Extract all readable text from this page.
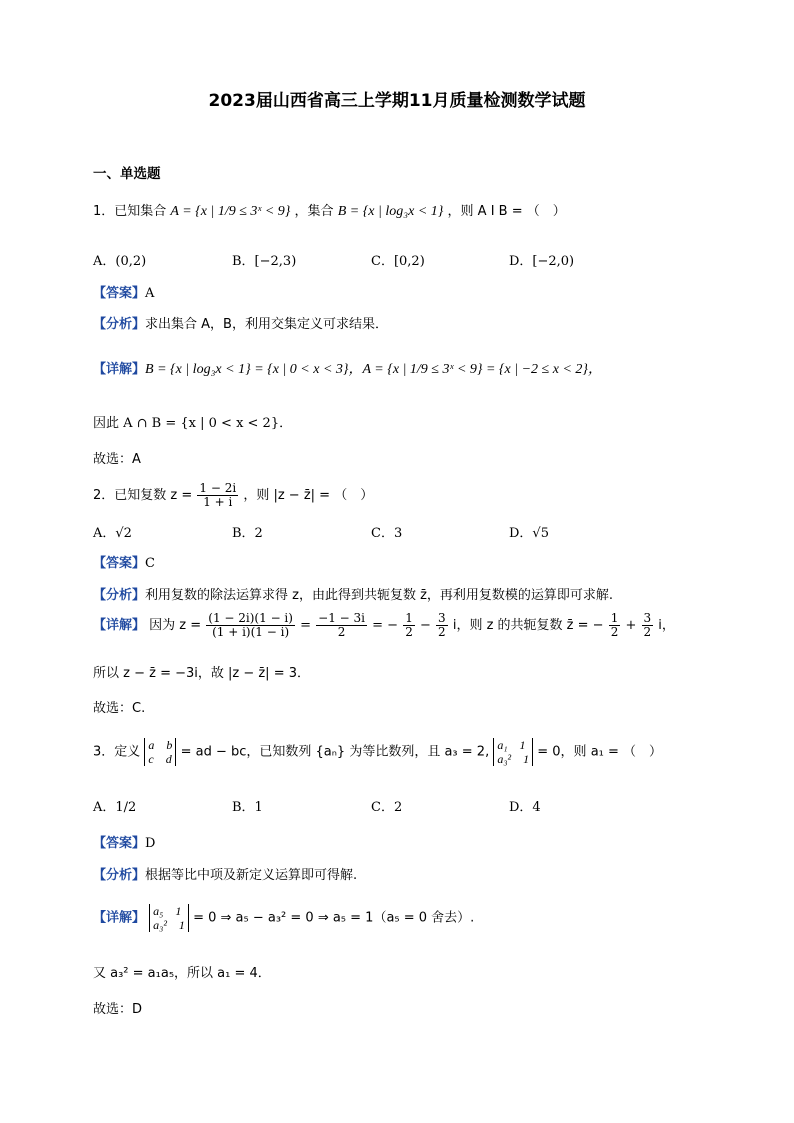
2023届山西省高三上学期11月质量检测数学试题
一、单选题
1．已知集合 A = {x | 1/9 ≤ 3ˣ < 9} ，集合 B = {x | log₃x < 1} ，则 A I B = （　）
A．(0,2)	B．[−2,3)	C．[0,2)	D．[−2,0)
【答案】A
【分析】求出集合 A，B，利用交集定义可求结果．
【详解】B = {x | log₃x < 1} = {x | 0 < x < 3}，A = {x | 1/9 ≤ 3ˣ < 9} = {x | −2 ≤ x < 2}，
因此 A ∩ B = {x | 0 < x < 2}．
故选：A
2．已知复数 $z = \frac{1 - 2i}{1 + i}$ ，则 |z − z̄| = （　）
A．√2	B．2	C．3	D．√5
【答案】C
【分析】利用复数的除法运算求得 z，由此得到共轭复数 z̄，再利用复数模的运算即可求解.
【详解】 因为 $z = \frac{(1 - 2i)(1 - i)}{(1 + i)(1 - i)} = \frac{-1 - 3i}{2}$ = − $\frac{1}{2} - \frac{3}{2}$ i，则 z 的共轭复数 z̄ = − $\frac{1}{2} + \frac{3}{2}$ i，
所以 z − z̄ = −3i，故 |z − z̄| = 3．
故选：C.
3．定义 a　b
c　d = ad − bc，已知数列 {aₙ} 为等比数列，且 a₃ = 2, a₁　1
a₃²　1 = 0，则 a₁ = （　）
A．1/2	B．1	C．2	D．4
【答案】D
【分析】根据等比中项及新定义运算即可得解.
【详解】 a₅　1
a₃²　1 = 0 ⇒ a₅ − a₃² = 0 ⇒ a₅ = 1（a₅ = 0 舍去）.
又 a₃² = a₁a₅，所以 a₁ = 4．
故选：D
